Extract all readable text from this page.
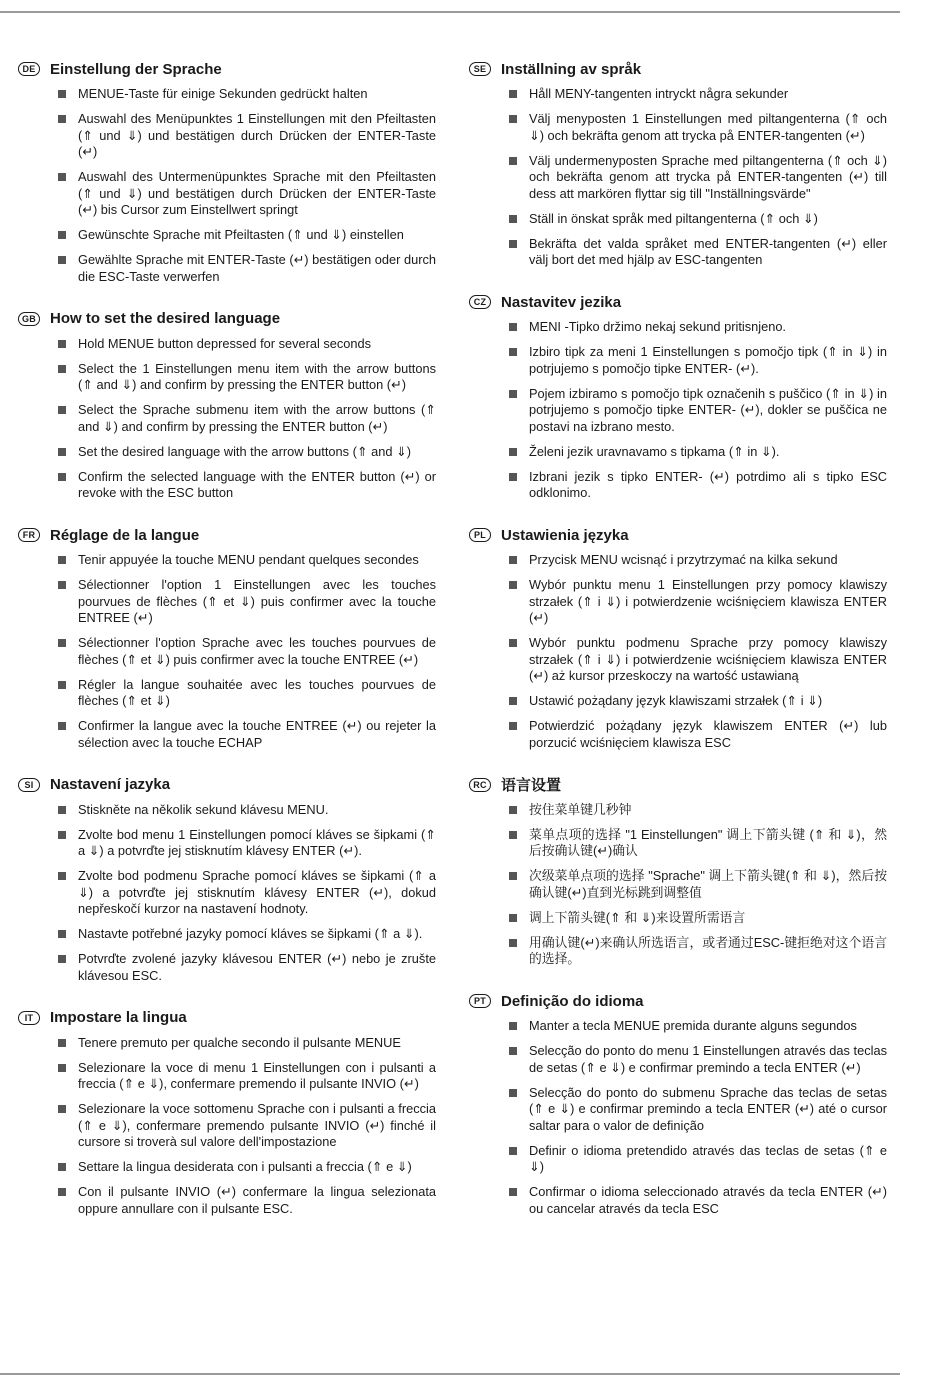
DE Einstellung der Sprache
MENUE-Taste für einige Sekunden gedrückt halten
Auswahl des Menüpunktes 1 Einstellungen mit den Pfeiltasten (⇑ und ⇓) und bestätigen durch Drücken der ENTER-Taste (↵)
Auswahl des Untermenüpunktes Sprache mit den Pfeiltasten (⇑ und ⇓) und bestätigen durch Drücken der ENTER-Taste (↵) bis Cursor zum Einstellwert springt
Gewünschte Sprache mit Pfeiltasten (⇑ und ⇓) einstellen
Gewählte Sprache mit ENTER-Taste (↵) bestätigen oder durch die ESC-Taste verwerfen
GB How to set the desired language
Hold MENUE button depressed for several seconds
Select the 1 Einstellungen menu item with the arrow buttons (⇑ and ⇓) and confirm by pressing the ENTER button (↵)
Select the Sprache submenu item with the arrow buttons (⇑ and ⇓) and confirm by pressing the ENTER button (↵)
Set the desired language with the arrow buttons (⇑ and ⇓)
Confirm the selected language with the ENTER button (↵) or revoke with the ESC button
FR Réglage de la langue
Tenir appuyée la touche MENU pendant quelques secondes
Sélectionner l'option 1 Einstellungen avec les touches pourvues de flèches (⇑ et ⇓) puis confirmer avec la touche ENTREE (↵)
Sélectionner l'option Sprache avec les touches pourvues de flèches (⇑ et ⇓) puis confirmer avec la touche ENTREE (↵)
Régler la langue souhaitée avec les touches pourvues de flèches (⇑ et ⇓)
Confirmer la langue avec la touche ENTREE (↵) ou rejeter la sélection avec la touche ECHAP
SI	Nastavení jazyka
Stiskněte na několik sekund klávesu MENU.
Zvolte bod menu 1 Einstellungen pomocí kláves se šipkami (⇑ a ⇓) a potvrďte jej stisknutím klávesy ENTER (↵).
Zvolte bod podmenu Sprache pomocí kláves se šipkami (⇑ a ⇓) a potvrďte jej stisknutím klávesy ENTER (↵), dokud nepřeskočí kurzor na nastavení hodnoty.
Nastavte potřebné jazyky pomocí kláves se šipkami (⇑ a ⇓).
Potvrďte zvolené jazyky klávesou ENTER (↵) nebo je zrušte klávesou ESC.
IT	Impostare la lingua
Tenere premuto per qualche secondo il pulsante MENUE
Selezionare la voce di menu 1 Einstellungen con i pulsanti a freccia (⇑ e ⇓), confermare premendo il pulsante INVIO (↵)
Selezionare la voce sottomenu Sprache con i pulsanti a freccia (⇑ e ⇓), confermare premendo pulsante INVIO (↵) finché il cursore si troverà sul valore dell'impostazione
Settare la lingua desiderata con i pulsanti a freccia (⇑ e ⇓)
Con il pulsante INVIO (↵) confermare la lingua selezionata oppure annullare con il pulsante ESC.
SE Inställning av språk
Håll MENY-tangenten intryckt några sekunder
Välj menyposten 1 Einstellungen med piltangenterna (⇑ och ⇓) och bekräfta genom att trycka på ENTER-tangenten (↵)
Välj undermenyposten Sprache med piltangenterna (⇑ och ⇓) och bekräfta genom att trycka på ENTER-tangenten (↵) till dess att markören flyttar sig till "Inställningsvärde"
Ställ in önskat språk med piltangenterna (⇑ och ⇓)
Bekräfta det valda språket med ENTER-tangenten (↵) eller välj bort det med hjälp av ESC-tangenten
CZ Nastavitev jezika
MENI -Tipko držimo nekaj sekund pritisnjeno.
Izbiro tipk za meni 1 Einstellungen s pomočjo tipk (⇑ in ⇓) in potrjujemo s pomočjo tipke ENTER- (↵).
Pojem izbiramo s pomočjo tipk označenih s puščico (⇑ in ⇓) in potrjujemo s pomočjo tipke ENTER- (↵), dokler se puščica ne postavi na izbrano mesto.
Želeni jezik uravnavamo s tipkama (⇑ in ⇓).
Izbrani jezik s tipko ENTER- (↵) potrdimo ali s tipko ESC odklonimo.
PL	Ustawienia języka
Przycisk MENU wcisnąć i przytrzymać na kilka sekund
Wybór punktu menu 1 Einstellungen przy pomocy klawiszy strzałek (⇑ i ⇓) i potwierdzenie wciśnięciem klawisza ENTER (↵)
Wybór punktu podmenu Sprache przy pomocy klawiszy strzałek (⇑ i ⇓) i potwierdzenie wciśnięciem klawisza ENTER (↵) aż kursor przeskoczy na wartość ustawianą
Ustawić pożądany język klawiszami strzałek (⇑ i ⇓)
Potwierdzić pożądany język klawiszem ENTER (↵) lub porzucić wciśnięciem klawisza ESC
RC 语言设置
按住菜单键几秒钟
菜单点项的选择 "1 Einstellungen" 调上下箭头键 (⇑ 和 ⇓)，然后按确认键(↵)确认
次级菜单点项的选择 "Sprache" 调上下箭头键(⇑ 和 ⇓)，然后按确认键(↵)直到光标跳到调整值
调上下箭头键(⇑ 和 ⇓)来设置所需语言
用确认键(↵)来确认所选语言，或者通过ESC-键拒绝对这个语言的选择。
PT	Definição do idioma
Manter a tecla MENUE premida durante alguns segundos
Selecção do ponto do menu 1 Einstellungen através das teclas de setas (⇑ e ⇓) e confirmar premindo a tecla ENTER (↵)
Selecção do ponto do submenu Sprache das teclas de setas (⇑ e ⇓) e confirmar premindo a tecla ENTER (↵) até o cursor saltar para o valor de definição
Definir o idioma pretendido através das teclas de setas (⇑ e ⇓)
Confirmar o idioma seleccionado através da tecla ENTER (↵) ou cancelar através da tecla ESC
